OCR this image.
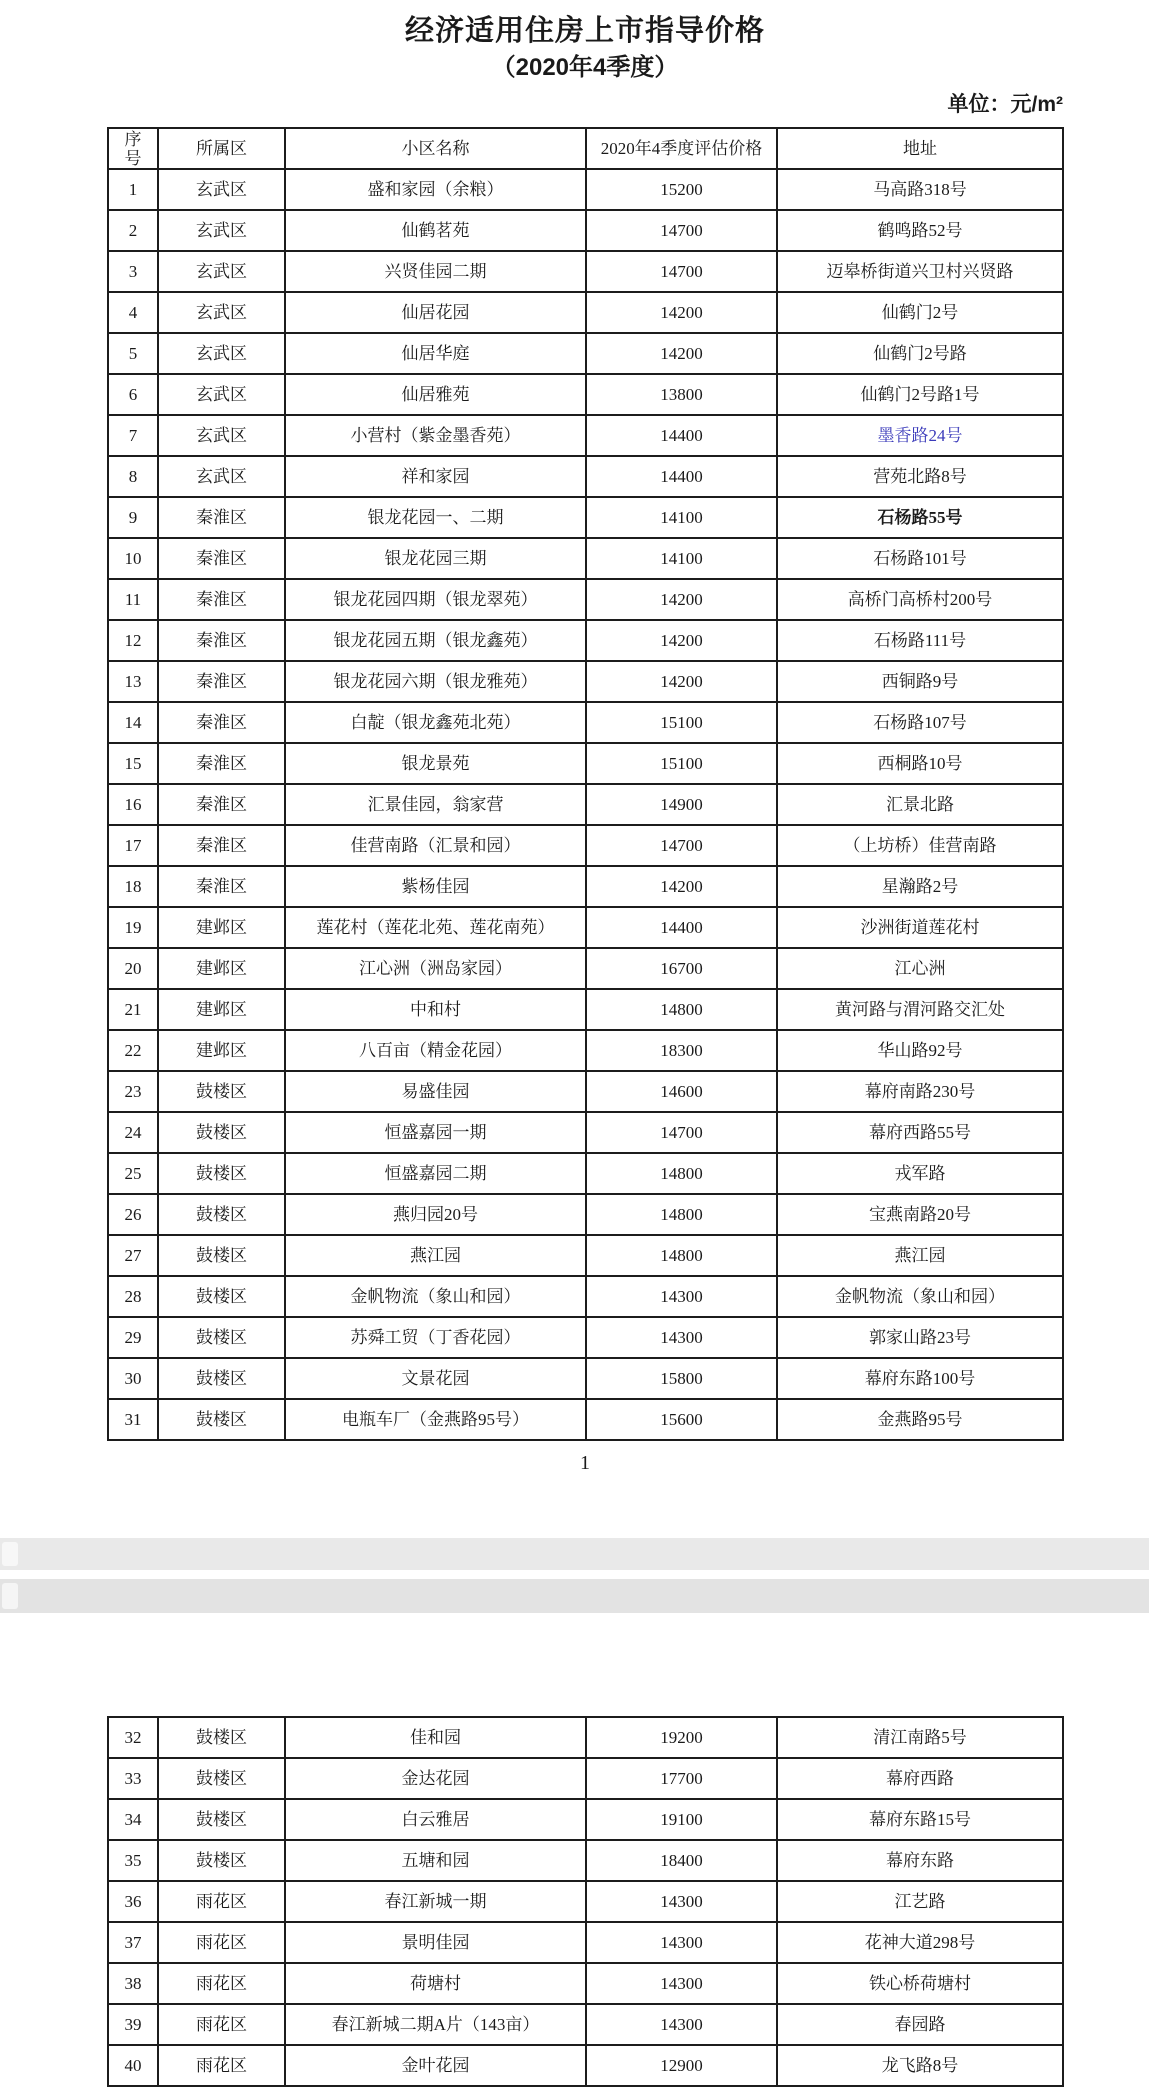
经济适用住房上市指导价格
（2020年4季度）
单位：元/m²
序号	所属区	小区名称	2020年4季度评估价格	地址
1	玄武区	盛和家园（余粮）	15200	马高路318号
2	玄武区	仙鹤茗苑	14700	鹤鸣路52号
3	玄武区	兴贤佳园二期	14700	迈皋桥街道兴卫村兴贤路
4	玄武区	仙居花园	14200	仙鹤门2号
5	玄武区	仙居华庭	14200	仙鹤门2号路
6	玄武区	仙居雅苑	13800	仙鹤门2号路1号
7	玄武区	小营村（紫金墨香苑）	14400	墨香路24号
8	玄武区	祥和家园	14400	营苑北路8号
9	秦淮区	银龙花园一、二期	14100	石杨路55号
10	秦淮区	银龙花园三期	14100	石杨路101号
11	秦淮区	银龙花园四期（银龙翠苑）	14200	高桥门高桥村200号
12	秦淮区	银龙花园五期（银龙鑫苑）	14200	石杨路111号
13	秦淮区	银龙花园六期（银龙雅苑）	14200	西铜路9号
14	秦淮区	白靛（银龙鑫苑北苑）	15100	石杨路107号
15	秦淮区	银龙景苑	15100	西桐路10号
16	秦淮区	汇景佳园，翁家营	14900	汇景北路
17	秦淮区	佳营南路（汇景和园）	14700	（上坊桥）佳营南路
18	秦淮区	紫杨佳园	14200	星瀚路2号
19	建邺区	莲花村（莲花北苑、莲花南苑）	14400	沙洲街道莲花村
20	建邺区	江心洲（洲岛家园）	16700	江心洲
21	建邺区	中和村	14800	黄河路与渭河路交汇处
22	建邺区	八百亩（精金花园）	18300	华山路92号
23	鼓楼区	易盛佳园	14600	幕府南路230号
24	鼓楼区	恒盛嘉园一期	14700	幕府西路55号
25	鼓楼区	恒盛嘉园二期	14800	戎军路
26	鼓楼区	燕归园20号	14800	宝燕南路20号
27	鼓楼区	燕江园	14800	燕江园
28	鼓楼区	金帆物流（象山和园）	14300	金帆物流（象山和园）
29	鼓楼区	苏舜工贸（丁香花园）	14300	郭家山路23号
30	鼓楼区	文景花园	15800	幕府东路100号
31	鼓楼区	电瓶车厂（金燕路95号）	15600	金燕路95号
1
32	鼓楼区	佳和园	19200	清江南路5号
33	鼓楼区	金达花园	17700	幕府西路
34	鼓楼区	白云雅居	19100	幕府东路15号
35	鼓楼区	五塘和园	18400	幕府东路
36	雨花区	春江新城一期	14300	江艺路
37	雨花区	景明佳园	14300	花神大道298号
38	雨花区	荷塘村	14300	铁心桥荷塘村
39	雨花区	春江新城二期A片（143亩）	14300	春园路
40	雨花区	金叶花园	12900	龙飞路8号
